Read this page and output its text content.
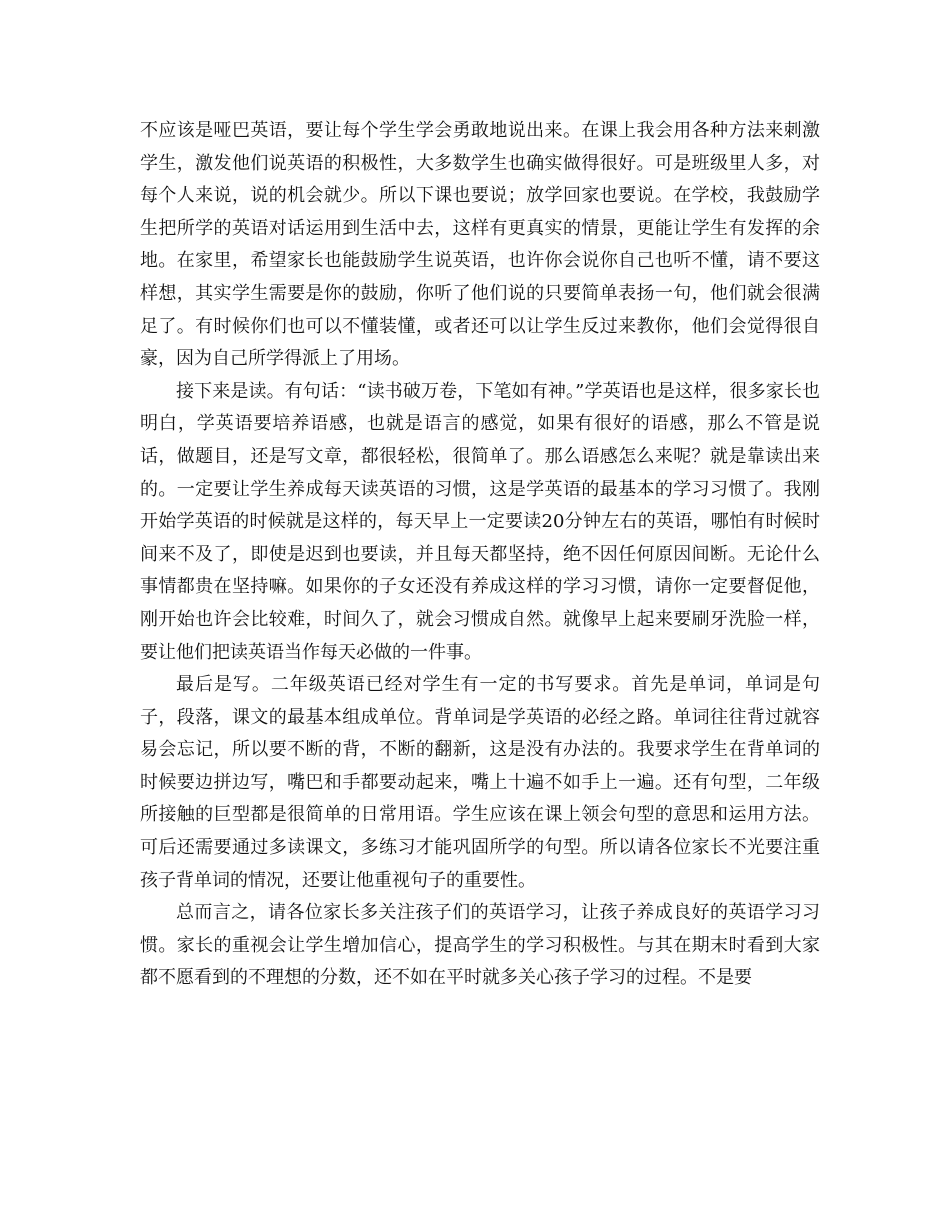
不应该是哑巴英语，要让每个学生学会勇敢地说出来。在课上我会用各种方法来刺激学生，激发他们说英语的积极性，大多数学生也确实做得很好。可是班级里人多，对每个人来说，说的机会就少。所以下课也要说；放学回家也要说。在学校，我鼓励学生把所学的英语对话运用到生活中去，这样有更真实的情景，更能让学生有发挥的余地。在家里，希望家长也能鼓励学生说英语，也许你会说你自己也听不懂，请不要这样想，其实学生需要是你的鼓励，你听了他们说的只要简单表扬一句，他们就会很满足了。有时候你们也可以不懂装懂，或者还可以让学生反过来教你，他们会觉得很自豪，因为自己所学得派上了用场。

接下来是读。有句话：“读书破万卷，下笔如有神。”学英语也是这样，很多家长也明白，学英语要培养语感，也就是语言的感觉，如果有很好的语感，那么不管是说话，做题目，还是写文章，都很轻松，很简单了。那么语感怎么来呢？就是靠读出来的。一定要让学生养成每天读英语的习惯，这是学英语的最基本的学习习惯了。我刚开始学英语的时候就是这样的，每天早上一定要读20分钟左右的英语，哪怕有时候时间来不及了，即使是迟到也要读，并且每天都坚持，绝不因任何原因间断。无论什么事情都贵在坚持嘛。如果你的子女还没有养成这样的学习习惯，请你一定要督促他，刚开始也许会比较难，时间久了，就会习惯成自然。就像早上起来要刷牙洗脸一样，要让他们把读英语当作每天必做的一件事。

最后是写。二年级英语已经对学生有一定的书写要求。首先是单词，单词是句子，段落，课文的最基本组成单位。背单词是学英语的必经之路。单词往往背过就容易会忘记，所以要不断的背，不断的翻新，这是没有办法的。我要求学生在背单词的时候要边拼边写，嘴巴和手都要动起来，嘴上十遍不如手上一遍。还有句型，二年级所接触的巨型都是很简单的日常用语。学生应该在课上领会句型的意思和运用方法。可后还需要通过多读课文，多练习才能巩固所学的句型。所以请各位家长不光要注重孩子背单词的情况，还要让他重视句子的重要性。

总而言之，请各位家长多关注孩子们的英语学习，让孩子养成良好的英语学习习惯。家长的重视会让学生增加信心，提高学生的学习积极性。与其在期末时看到大家都不愿看到的不理想的分数，还不如在平时就多关心孩子学习的过程。不是要
